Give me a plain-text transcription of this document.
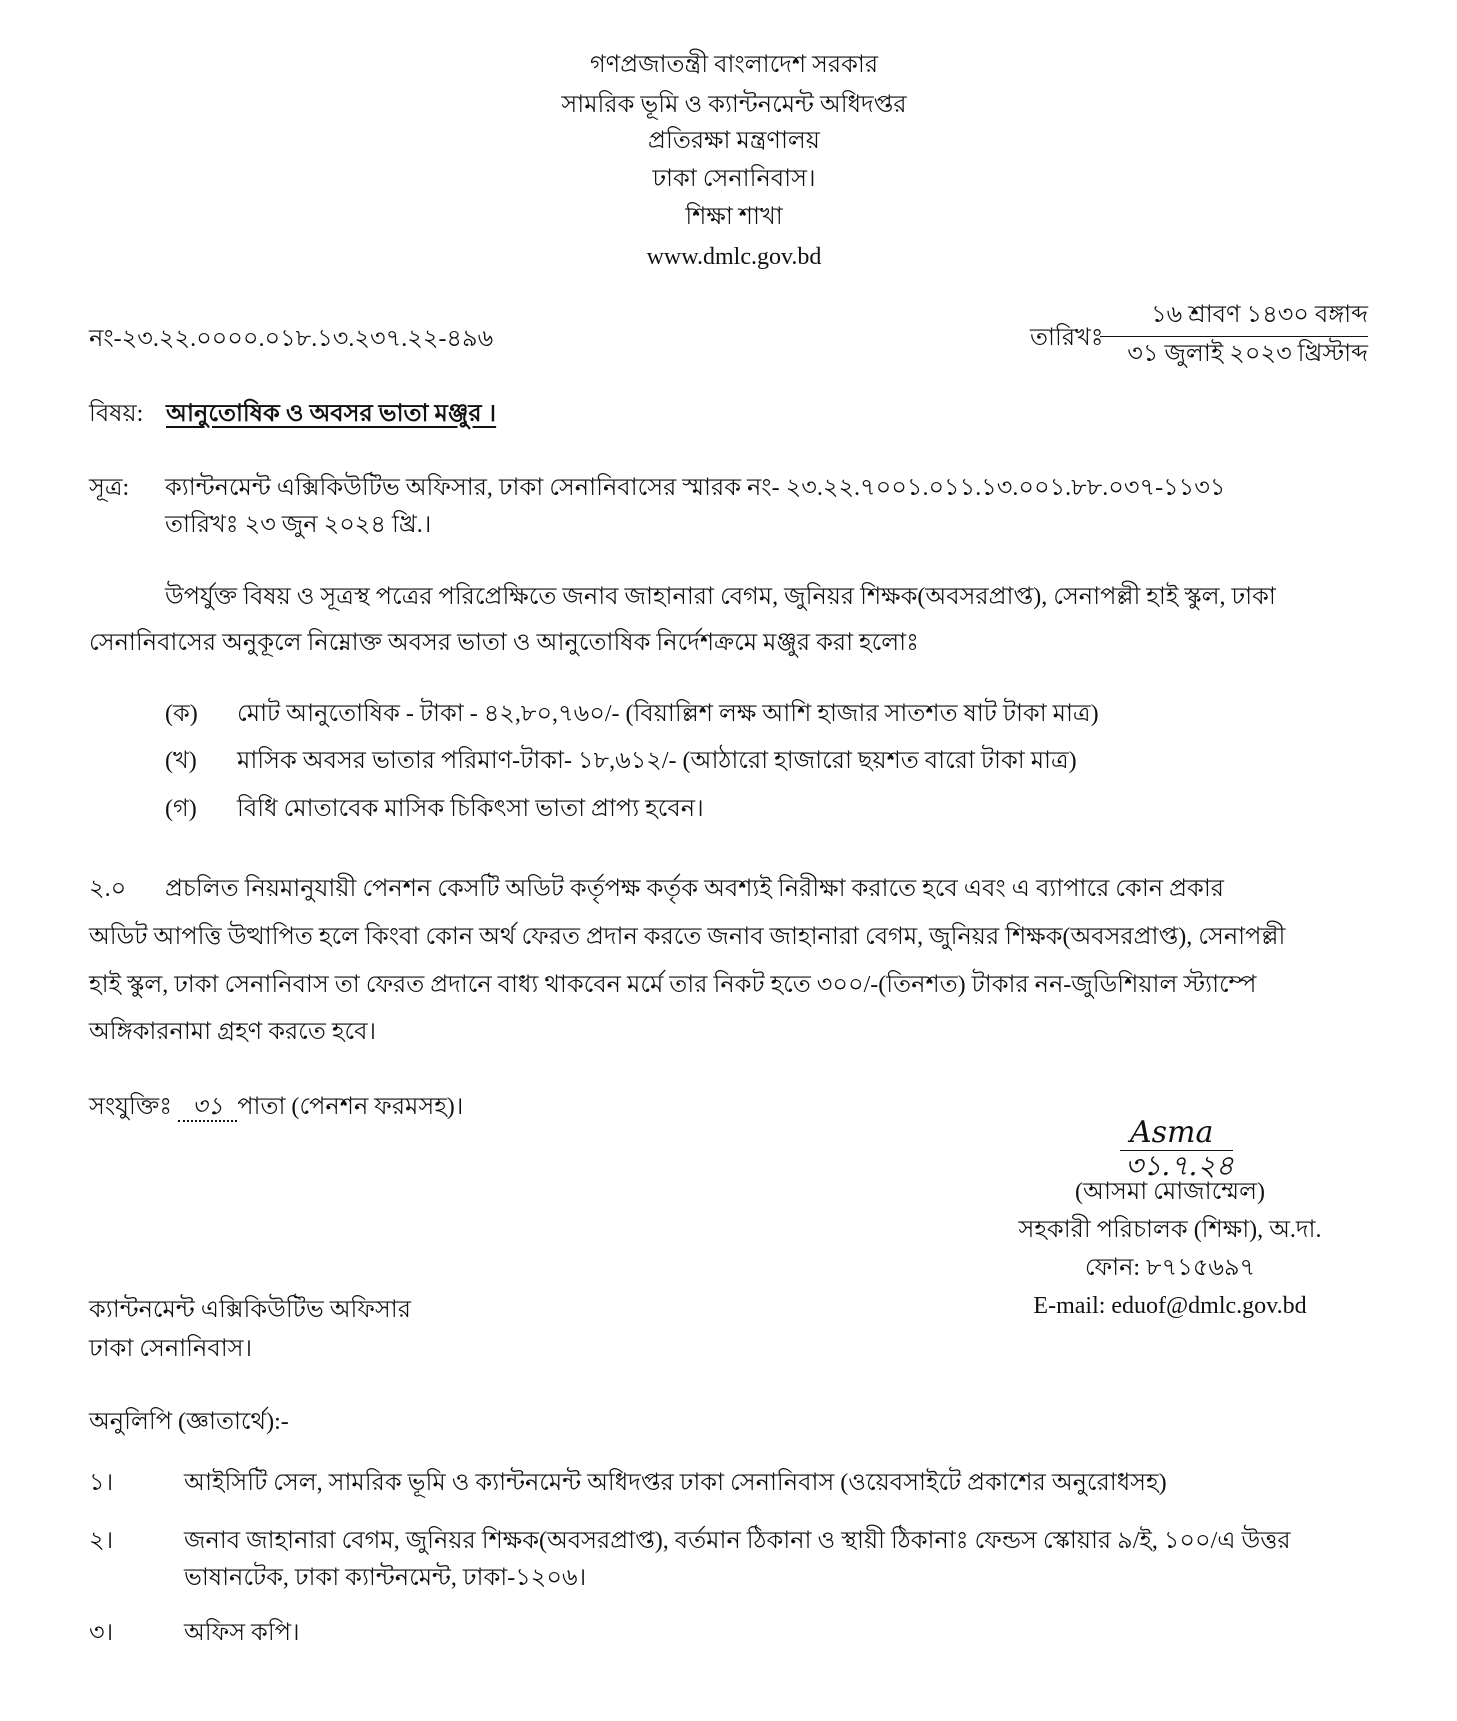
গণপ্রজাতন্ত্রী বাংলাদেশ সরকার
সামরিক ভূমি ও ক্যান্টনমেন্ট অধিদপ্তর
প্রতিরক্ষা মন্ত্রণালয়
ঢাকা সেনানিবাস।
শিক্ষা শাখা
www.dmlc.gov.bd
নং-২৩.২২.০০০০.০১৮.১৩.২৩৭.২২-৪৯৬	তারিখঃ
১৬ শ্রাবণ ১৪৩০ বঙ্গাব্দ
৩১ জুলাই ২০২৩ খ্রিস্টাব্দ
বিষয়: আনুতোষিক ও অবসর ভাতা মঞ্জুর ।
সূত্র: ক্যান্টনমেন্ট এক্সিকিউটিভ অফিসার, ঢাকা সেনানিবাসের স্মারক নং- ২৩.২২.৭০০১.০১১.১৩.০০১.৮৮.০৩৭-১১৩১
তারিখঃ ২৩ জুন ২০২৪ খ্রি.।
উপর্যুক্ত বিষয় ও সূত্রস্থ পত্রের পরিপ্রেক্ষিতে জনাব জাহানারা বেগম, জুনিয়র শিক্ষক(অবসরপ্রাপ্ত), সেনাপল্লী হাই স্কুল, ঢাকা
সেনানিবাসের অনুকূলে নিম্নোক্ত অবসর ভাতা ও আনুতোষিক নির্দেশক্রমে মঞ্জুর করা হলোঃ
(ক) মোট আনুতোষিক - টাকা - ৪২,৮০,৭৬০/- (বিয়াল্লিশ লক্ষ আশি হাজার সাতশত ষাট টাকা মাত্র)
(খ) মাসিক অবসর ভাতার পরিমাণ-টাকা- ১৮,৬১২/- (আঠারো হাজারো ছয়শত বারো টাকা মাত্র)
(গ) বিধি মোতাবেক মাসিক চিকিৎসা ভাতা প্রাপ্য হবেন।
২.০ প্রচলিত নিয়মানুযায়ী পেনশন কেসটি অডিট কর্তৃপক্ষ কর্তৃক অবশ্যই নিরীক্ষা করাতে হবে এবং এ ব্যাপারে কোন প্রকার
অডিট আপত্তি উত্থাপিত হলে কিংবা কোন অর্থ ফেরত প্রদান করতে জনাব জাহানারা বেগম, জুনিয়র শিক্ষক(অবসরপ্রাপ্ত), সেনাপল্লী
হাই স্কুল, ঢাকা সেনানিবাস তা ফেরত প্রদানে বাধ্য থাকবেন মর্মে তার নিকট হতে ৩০০/-(তিনশত) টাকার নন-জুডিশিয়াল স্ট্যাম্পে
অঙ্গিকারনামা গ্রহণ করতে হবে।
সংযুক্তিঃ ৩১ পাতা (পেনশন ফরমসহ)।
Asma
৩১.৭.২৪
(আসমা মোজাম্মেল)
সহকারী পরিচালক (শিক্ষা), অ.দা.
ফোন: ৮৭১৫৬৯৭
E-mail: eduof@dmlc.gov.bd
ক্যান্টনমেন্ট এক্সিকিউটিভ অফিসার
ঢাকা সেনানিবাস।
অনুলিপি (জ্ঞাতার্থে):-
১।	আইসিটি সেল, সামরিক ভূমি ও ক্যান্টনমেন্ট অধিদপ্তর ঢাকা সেনানিবাস (ওয়েবসাইটে প্রকাশের অনুরোধসহ)
২।	জনাব জাহানারা বেগম, জুনিয়র শিক্ষক(অবসরপ্রাপ্ত), বর্তমান ঠিকানা ও স্থায়ী ঠিকানাঃ ফেন্ডস স্কোয়ার ৯/ই, ১০০/এ উত্তর
ভাষানটেক, ঢাকা ক্যান্টনমেন্ট, ঢাকা-১২০৬।
৩।	অফিস কপি।
